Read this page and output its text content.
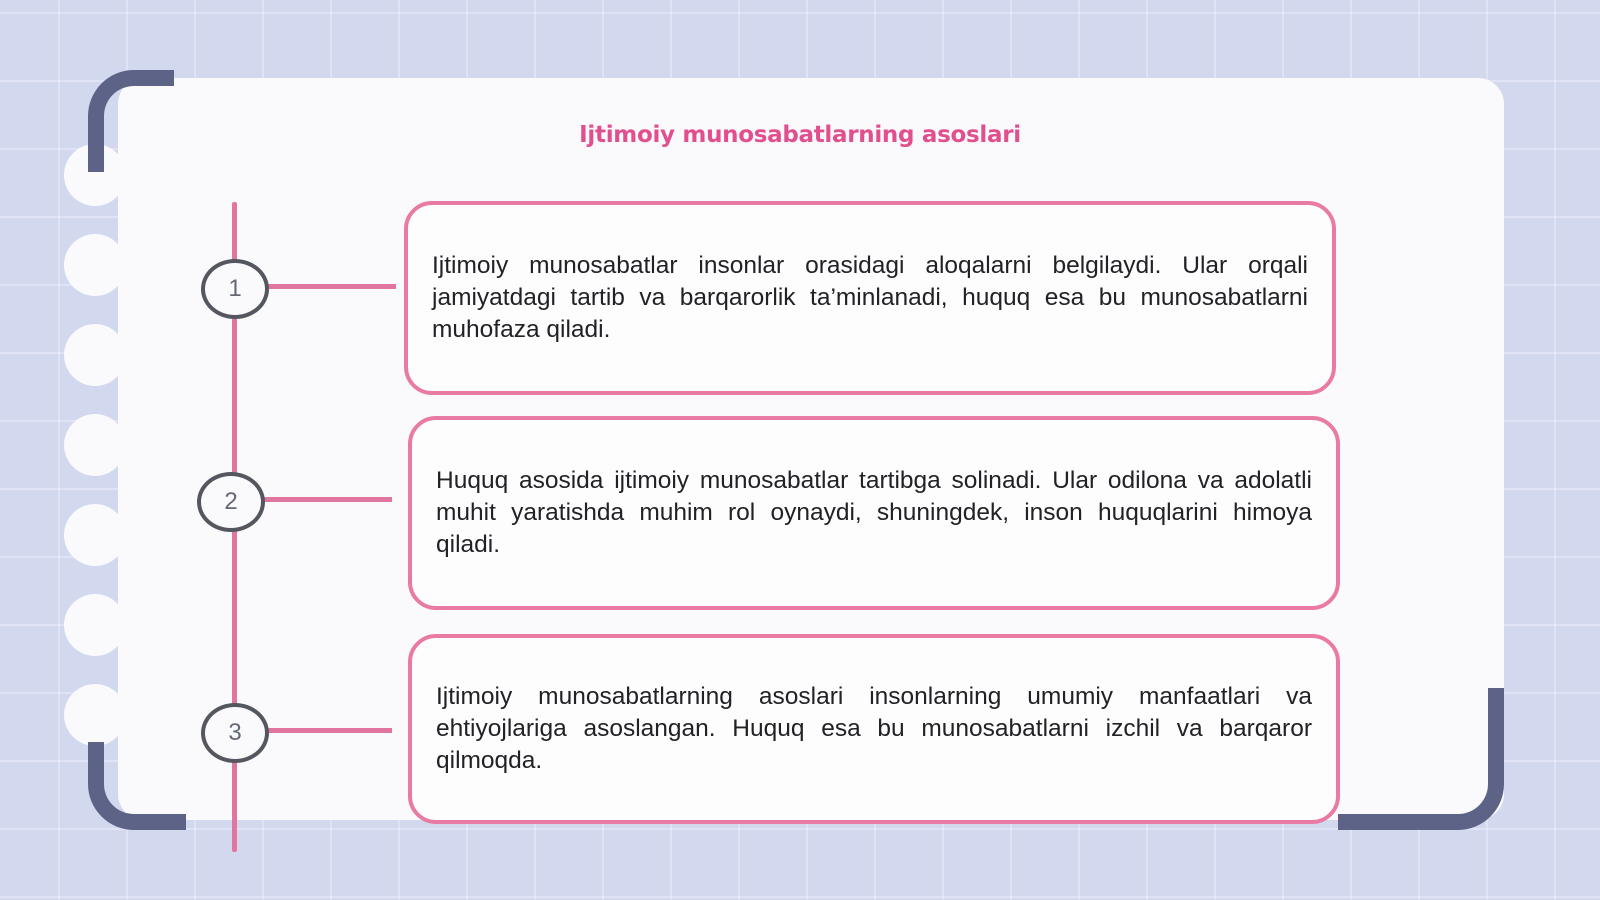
Ijtimoiy munosabatlarning asoslari
1
2
3
Ijtimoiy munosabatlar insonlar orasidagi aloqalarni belgilaydi. Ular orqali jamiyatdagi tartib va barqarorlik ta’minlanadi, huquq esa bu munosabatlarni muhofaza qiladi.
Huquq asosida ijtimoiy munosabatlar tartibga solinadi. Ular odilona va adolatli muhit yaratishda muhim rol oynaydi, shuningdek, inson huquqlarini himoya qiladi.
Ijtimoiy munosabatlarning asoslari insonlarning umumiy manfaatlari va ehtiyojlariga asoslangan. Huquq esa bu munosabatlarni izchil va barqaror qilmoqda.
